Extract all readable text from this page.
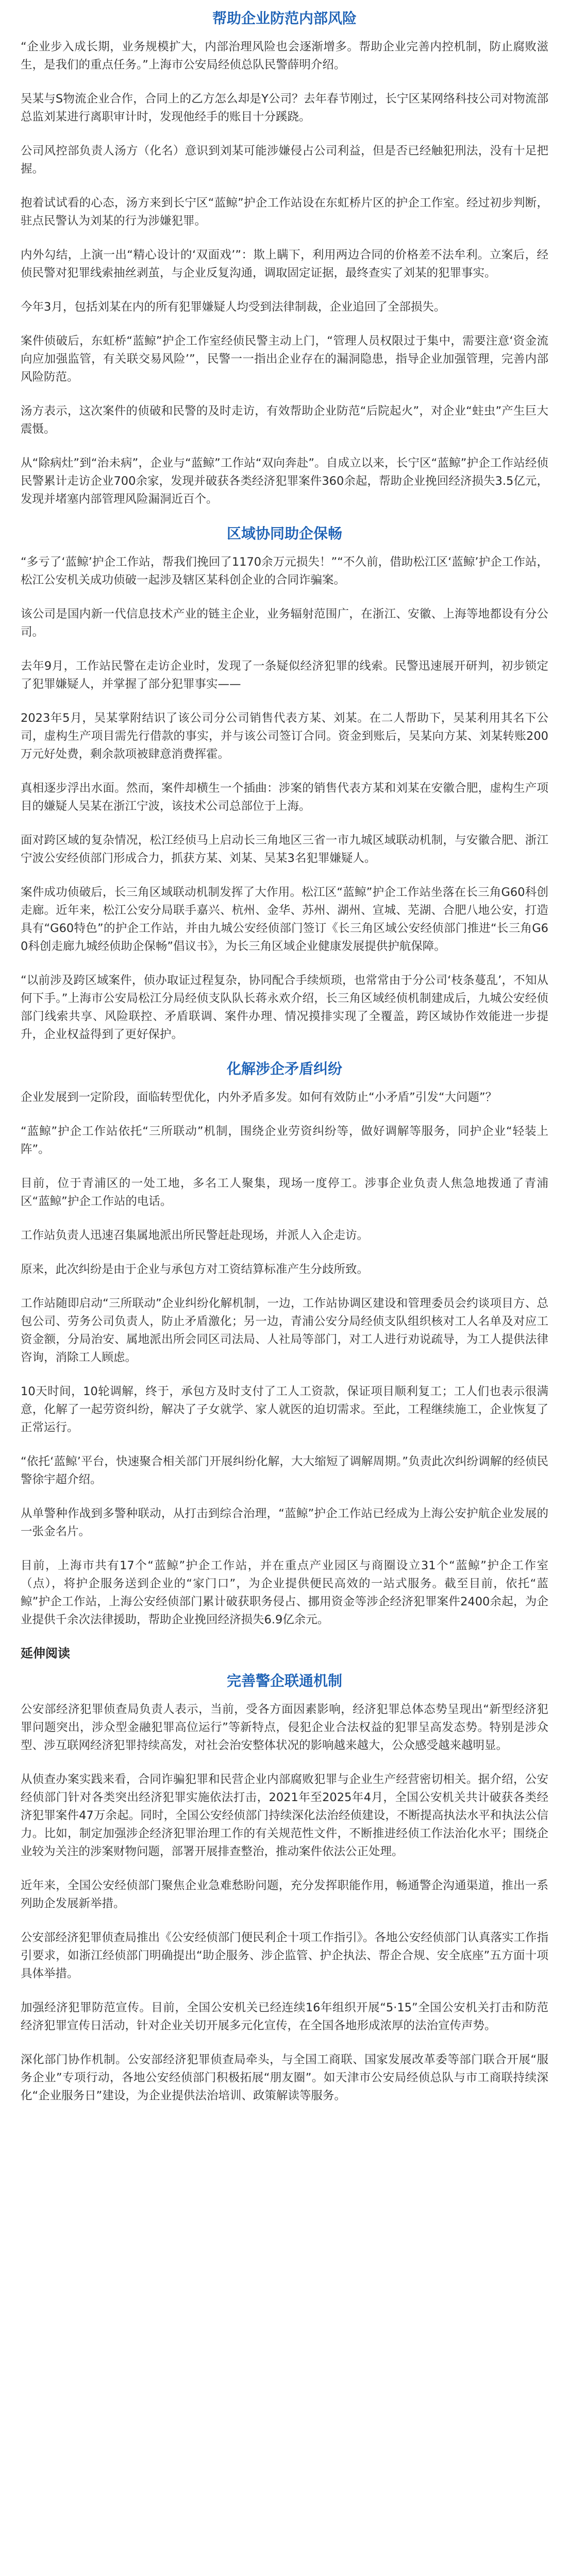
帮助企业防范内部风险

“企业步入成长期，业务规模扩大，内部治理风险也会逐渐增多。帮助企业完善内控机制，防止腐败滋生，是我们的重点任务。”上海市公安局经侦总队民警薛明介绍。

吴某与S物流企业合作，合同上的乙方怎么却是Y公司？去年春节刚过，长宁区某网络科技公司对物流部总监刘某进行离职审计时，发现他经手的账目十分蹊跷。

公司风控部负责人汤方（化名）意识到刘某可能涉嫌侵占公司利益，但是否已经触犯刑法，没有十足把握。

抱着试试看的心态，汤方来到长宁区“蓝鲸”护企工作站设在东虹桥片区的护企工作室。经过初步判断，驻点民警认为刘某的行为涉嫌犯罪。

内外勾结，上演一出“精心设计的‘双面戏’”：欺上瞒下，利用两边合同的价格差不法牟利。立案后，经侦民警对犯罪线索抽丝剥茧，与企业反复沟通，调取固定证据，最终查实了刘某的犯罪事实。

今年3月，包括刘某在内的所有犯罪嫌疑人均受到法律制裁，企业追回了全部损失。

案件侦破后，东虹桥“蓝鲸”护企工作室经侦民警主动上门，“管理人员权限过于集中，需要注意‘资金流向应加强监管，有关联交易风险’”，民警一一指出企业存在的漏洞隐患，指导企业加强管理，完善内部风险防范。

汤方表示，这次案件的侦破和民警的及时走访，有效帮助企业防范“后院起火”，对企业“蛀虫”产生巨大震慑。

从“除病灶”到“治未病”，企业与“蓝鲸”工作站“双向奔赴”。自成立以来，长宁区“蓝鲸”护企工作站经侦民警累计走访企业700余家，发现并破获各类经济犯罪案件360余起，帮助企业挽回经济损失3.5亿元，发现并堵塞内部管理风险漏洞近百个。

区域协同助企保畅

“多亏了‘蓝鲸’护企工作站，帮我们挽回了1170余万元损失！”“不久前，借助松江区‘蓝鲸’护企工作站，松江公安机关成功侦破一起涉及辖区某科创企业的合同诈骗案。

该公司是国内新一代信息技术产业的链主企业，业务辐射范围广，在浙江、安徽、上海等地都设有分公司。

去年9月，工作站民警在走访企业时，发现了一条疑似经济犯罪的线索。民警迅速展开研判，初步锁定了犯罪嫌疑人，并掌握了部分犯罪事实——

2023年5月，吴某掌附结识了该公司分公司销售代表方某、刘某。在二人帮助下，吴某利用其名下公司，虚构生产项目需先行借款的事实，并与该公司签订合同。资金到账后，吴某向方某、刘某转账200万元好处费，剩余款项被肆意消费挥霍。

真相逐步浮出水面。然而，案件却横生一个插曲：涉案的销售代表方某和刘某在安徽合肥，虚构生产项目的嫌疑人吴某在浙江宁波，该技术公司总部位于上海。

面对跨区域的复杂情况，松江经侦马上启动长三角地区三省一市九城区域联动机制，与安徽合肥、浙江宁波公安经侦部门形成合力，抓获方某、刘某、吴某3名犯罪嫌疑人。

案件成功侦破后，长三角区域联动机制发挥了大作用。松江区“蓝鲸”护企工作站坐落在长三角G60科创走廊。近年来，松江公安分局联手嘉兴、杭州、金华、苏州、湖州、宣城、芜湖、合肥八地公安，打造具有“G60特色”的护企工作站，并由九城公安经侦部门签订《长三角区域公安经侦部门推进“长三角G60科创走廊九城经侦助企保畅”倡议书》，为长三角区域企业健康发展提供护航保障。

“以前涉及跨区域案件，侦办取证过程复杂，协同配合手续烦琐，也常常由于分公司‘枝条蔓乱’，不知从何下手。”上海市公安局松江分局经侦支队队长蒋永欢介绍，长三角区域经侦机制建成后，九城公安经侦部门线索共享、风险联控、矛盾联调、案件办理、情况摸排实现了全覆盖，跨区域协作效能进一步提升，企业权益得到了更好保护。

化解涉企矛盾纠纷

企业发展到一定阶段，面临转型优化，内外矛盾多发。如何有效防止“小矛盾”引发“大问题”？

“蓝鲸”护企工作站依托“三所联动”机制，围绕企业劳资纠纷等，做好调解等服务，同护企业“轻装上阵”。

目前，位于青浦区的一处工地，多名工人聚集，现场一度停工。涉事企业负责人焦急地拨通了青浦区“蓝鲸”护企工作站的电话。

工作站负责人迅速召集属地派出所民警赶赴现场，并派人入企走访。

原来，此次纠纷是由于企业与承包方对工资结算标准产生分歧所致。

工作站随即启动“三所联动”企业纠纷化解机制，一边，工作站协调区建设和管理委员会约谈项目方、总包公司、劳务公司负责人，防止矛盾激化；另一边，青浦公安分局经侦支队组织核对工人名单及对应工资金额，分局治安、属地派出所会同区司法局、人社局等部门，对工人进行劝说疏导，为工人提供法律咨询，消除工人顾虑。

10天时间，10轮调解，终于，承包方及时支付了工人工资款，保证项目顺利复工；工人们也表示很满意，化解了一起劳资纠纷，解决了子女就学、家人就医的迫切需求。至此，工程继续施工，企业恢复了正常运行。

“依托‘蓝鲸’平台，快速聚合相关部门开展纠纷化解，大大缩短了调解周期。”负责此次纠纷调解的经侦民警徐宇超介绍。

从单警种作战到多警种联动，从打击到综合治理，“蓝鲸”护企工作站已经成为上海公安护航企业发展的一张金名片。

目前，上海市共有17个“蓝鲸”护企工作站，并在重点产业园区与商圈设立31个“蓝鲸”护企工作室（点），将护企服务送到企业的“家门口”，为企业提供便民高效的一站式服务。截至目前，依托“蓝鲸”护企工作站，上海公安经侦部门累计破获职务侵占、挪用资金等涉企经济犯罪案件2400余起，为企业提供千余次法律援助，帮助企业挽回经济损失6.9亿余元。

延伸阅读

完善警企联通机制

公安部经济犯罪侦查局负责人表示，当前，受各方面因素影响，经济犯罪总体态势呈现出“新型经济犯罪问题突出，涉众型金融犯罪高位运行”等新特点，侵犯企业合法权益的犯罪呈高发态势。特别是涉众型、涉互联网经济犯罪持续高发，对社会治安整体状况的影响越来越大，公众感受越来越明显。

从侦查办案实践来看，合同诈骗犯罪和民营企业内部腐败犯罪与企业生产经营密切相关。据介绍，公安经侦部门针对各类突出经济犯罪实施依法打击，2021年至2025年4月，全国公安机关共计破获各类经济犯罪案件47万余起。同时，全国公安经侦部门持续深化法治经侦建设，不断提高执法水平和执法公信力。比如，制定加强涉企经济犯罪治理工作的有关规范性文件，不断推进经侦工作法治化水平；围绕企业较为关注的涉案财物问题，部署开展排查整治，推动案件依法公正处理。

近年来，全国公安经侦部门聚焦企业急难愁盼问题，充分发挥职能作用，畅通警企沟通渠道，推出一系列助企发展新举措。

公安部经济犯罪侦查局推出《公安经侦部门便民利企十项工作指引》。各地公安经侦部门认真落实工作指引要求，如浙江经侦部门明确提出“助企服务、涉企监管、护企执法、帮企合规、安全底座”五方面十项具体举措。

加强经济犯罪防范宣传。目前，全国公安机关已经连续16年组织开展“5·15”全国公安机关打击和防范经济犯罪宣传日活动，针对企业关切开展多元化宣传，在全国各地形成浓厚的法治宣传声势。

深化部门协作机制。公安部经济犯罪侦查局牵头，与全国工商联、国家发展改革委等部门联合开展“服务企业”专项行动，各地公安经侦部门积极拓展“朋友圈”。如天津市公安局经侦总队与市工商联持续深化“企业服务日”建设，为企业提供法治培训、政策解读等服务。
